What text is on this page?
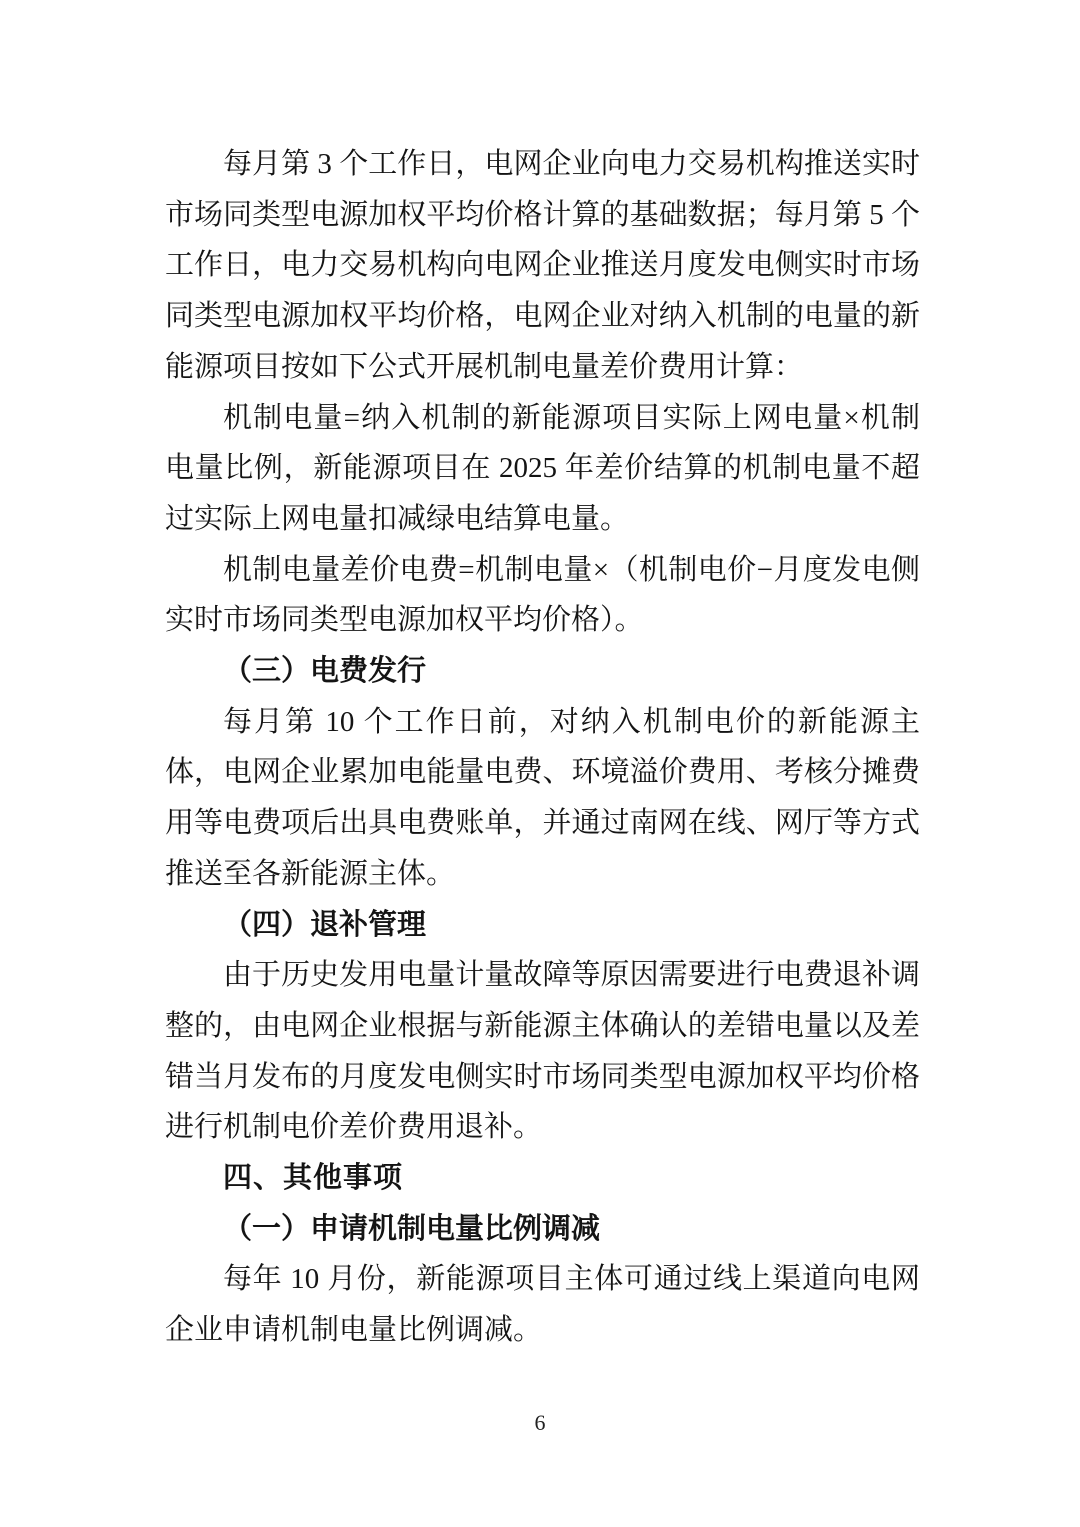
每月第 3 个工作日，电网企业向电力交易机构推送实时市场同类型电源加权平均价格计算的基础数据；每月第 5 个工作日，电力交易机构向电网企业推送月度发电侧实时市场同类型电源加权平均价格，电网企业对纳入机制的电量的新能源项目按如下公式开展机制电量差价费用计算：

机制电量=纳入机制的新能源项目实际上网电量×机制电量比例，新能源项目在 2025 年差价结算的机制电量不超过实际上网电量扣减绿电结算电量。

机制电量差价电费=机制电量×（机制电价−月度发电侧实时市场同类型电源加权平均价格）。

（三）电费发行

每月第 10 个工作日前，对纳入机制电价的新能源主体，电网企业累加电能量电费、环境溢价费用、考核分摊费用等电费项后出具电费账单，并通过南网在线、网厅等方式推送至各新能源主体。

（四）退补管理

由于历史发用电量计量故障等原因需要进行电费退补调整的，由电网企业根据与新能源主体确认的差错电量以及差错当月发布的月度发电侧实时市场同类型电源加权平均价格进行机制电价差价费用退补。

四、其他事项

（一）申请机制电量比例调减

每年 10 月份，新能源项目主体可通过线上渠道向电网企业申请机制电量比例调减。

6
